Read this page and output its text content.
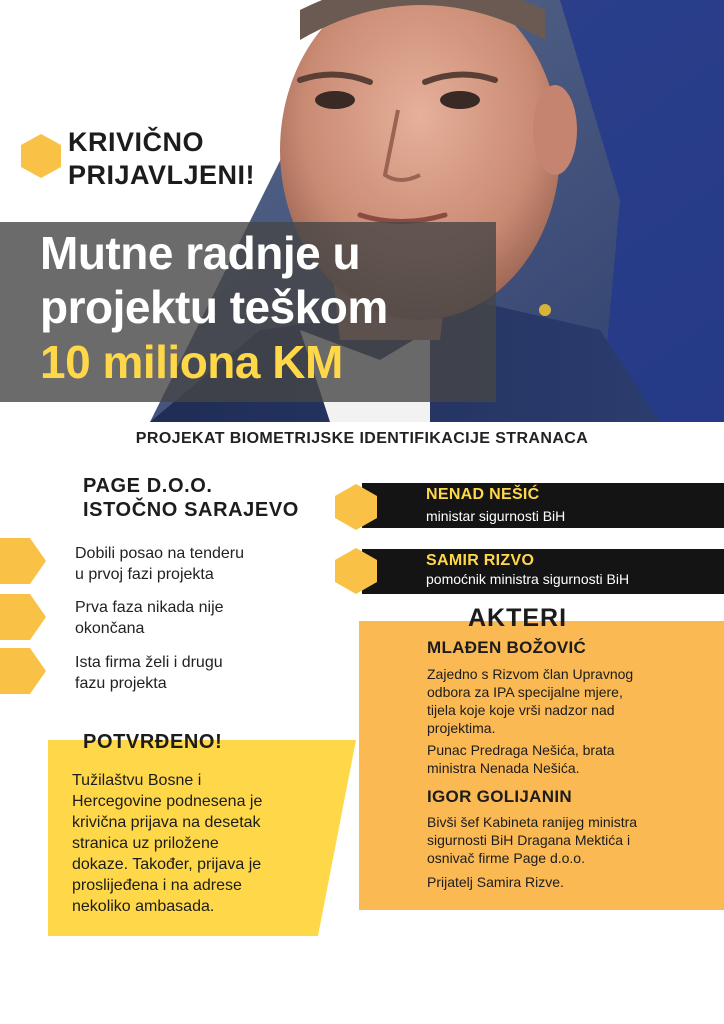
KRIVIČNO
PRIJAVLJENI!
Mutne radnje u
projektu teškom
10 miliona KM
PROJEKAT BIOMETRIJSKE IDENTIFIKACIJE STRANACA
PAGE D.O.O.
ISTOČNO SARAJEVO
Dobili posao na tenderu
u prvoj fazi projekta
Prva faza nikada nije
okončana
Ista firma želi i drugu
fazu projekta
POTVRĐENO!
Tužilaštvu Bosne i
Hercegovine podnesena je
krivična prijava na desetak
stranica uz priložene
dokaze. Također, prijava je
proslijeđena i na adrese
nekoliko ambasada.
NENAD NEŠIĆ
ministar sigurnosti BiH
SAMIR RIZVO
pomoćnik ministra sigurnosti BiH
AKTERI
MLAĐEN BOŽOVIĆ
Zajedno s Rizvom član Upravnog
odbora za IPA specijalne mjere,
tijela koje koje vrši nadzor nad
projektima.
Punac Predraga Nešića, brata
ministra Nenada Nešića.
IGOR GOLIJANIN
Bivši šef Kabineta ranijeg ministra
sigurnosti BiH Dragana Mektića i
osnivač firme Page d.o.o.
Prijatelj Samira Rizve.
